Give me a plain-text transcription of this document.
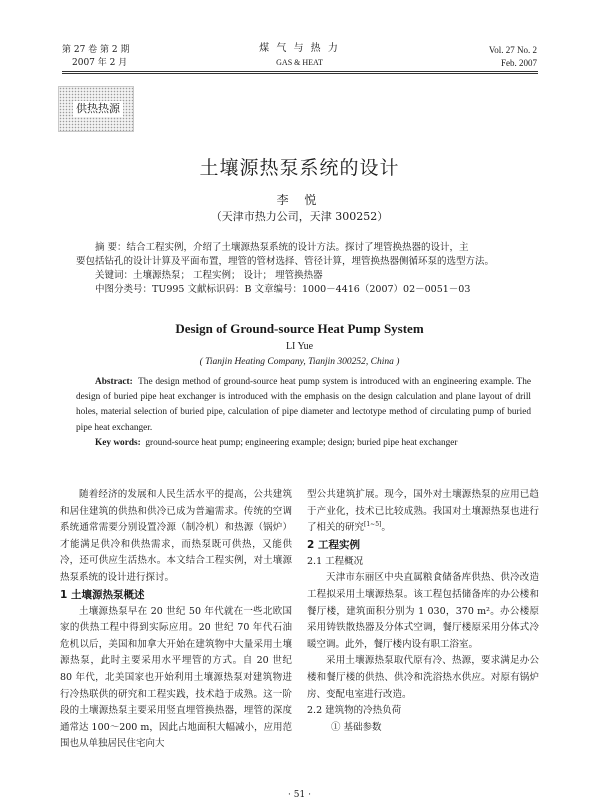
第 27 卷 第 2 期
2007 年 2 月
煤 气 与 热 力
GAS & HEAT
Vol. 27 No. 2
Feb. 2007
供热热源
土壤源热泵系统的设计
李 悦
（天津市热力公司，天津 300252）

摘 要：结合工程实例，介绍了土壤源热泵系统的设计方法。探讨了埋管换热器的设计，主

要包括钻孔的设计计算及平面布置，埋管的管材选择、管径计算，埋管换热器侧循环泵的选型方法。

关键词：土壤源热泵； 工程实例； 设计； 埋管换热器

中图分类号：TU995 文献标识码：B 文章编号：1000－4416（2007）02－0051－03

Design of Ground-source Heat Pump System
LI Yue
( Tianjin Heating Company, Tianjin 300252, China )

Abstract: The design method of ground-source heat pump system is introduced with an engineering example. The design of buried pipe heat exchanger is introduced with the emphasis on the design calculation and plane layout of drill holes, material selection of buried pipe, calculation of pipe diameter and lectotype method of circulating pump of buried pipe heat exchanger.

Key words: ground-source heat pump; engineering example; design; buried pipe heat exchanger

随着经济的发展和人民生活水平的提高，公共建筑和居住建筑的供热和供冷已成为普遍需求。传统的空调系统通常需要分别设置冷源（制冷机）和热源（锅炉）才能满足供冷和供热需求，而热泵既可供热，又能供冷，还可供应生活热水。本文结合工程实例，对土壤源热泵系统的设计进行探讨。

1 土壤源热泵概述

土壤源热泵早在 20 世纪 50 年代就在一些北欧国家的供热工程中得到实际应用。20 世纪 70 年代石油危机以后，美国和加拿大开始在建筑物中大量采用土壤源热泵，此时主要采用水平埋管的方式。自 20 世纪 80 年代，北美国家也开始利用土壤源热泵对建筑物进行冷热联供的研究和工程实践，技术趋于成熟。这一阶段的土壤源热泵主要采用竖直埋管换热器，埋管的深度通常达 100～200 m，因此占地面积大幅减小，应用范围也从单独居民住宅向大

型公共建筑扩展。现今，国外对土壤源热泵的应用已趋于产业化，技术已比较成熟。我国对土壤源热泵也进行了相关的研究[1~5]。

2 工程实例
2.1 工程概况

天津市东丽区中央直属粮食储备库供热、供冷改造工程拟采用土壤源热泵。该工程包括储备库的办公楼和餐厅楼，建筑面积分别为 1 030，370 m²。办公楼原采用铸铁散热器及分体式空调，餐厅楼原采用分体式冷暖空调。此外，餐厅楼内设有职工浴室。

采用土壤源热泵取代原有冷、热源，要求满足办公楼和餐厅楼的供热、供冷和洗浴热水供应。对原有锅炉房、变配电室进行改造。

2.2 建筑物的冷热负荷
① 基础参数
· 51 ·
